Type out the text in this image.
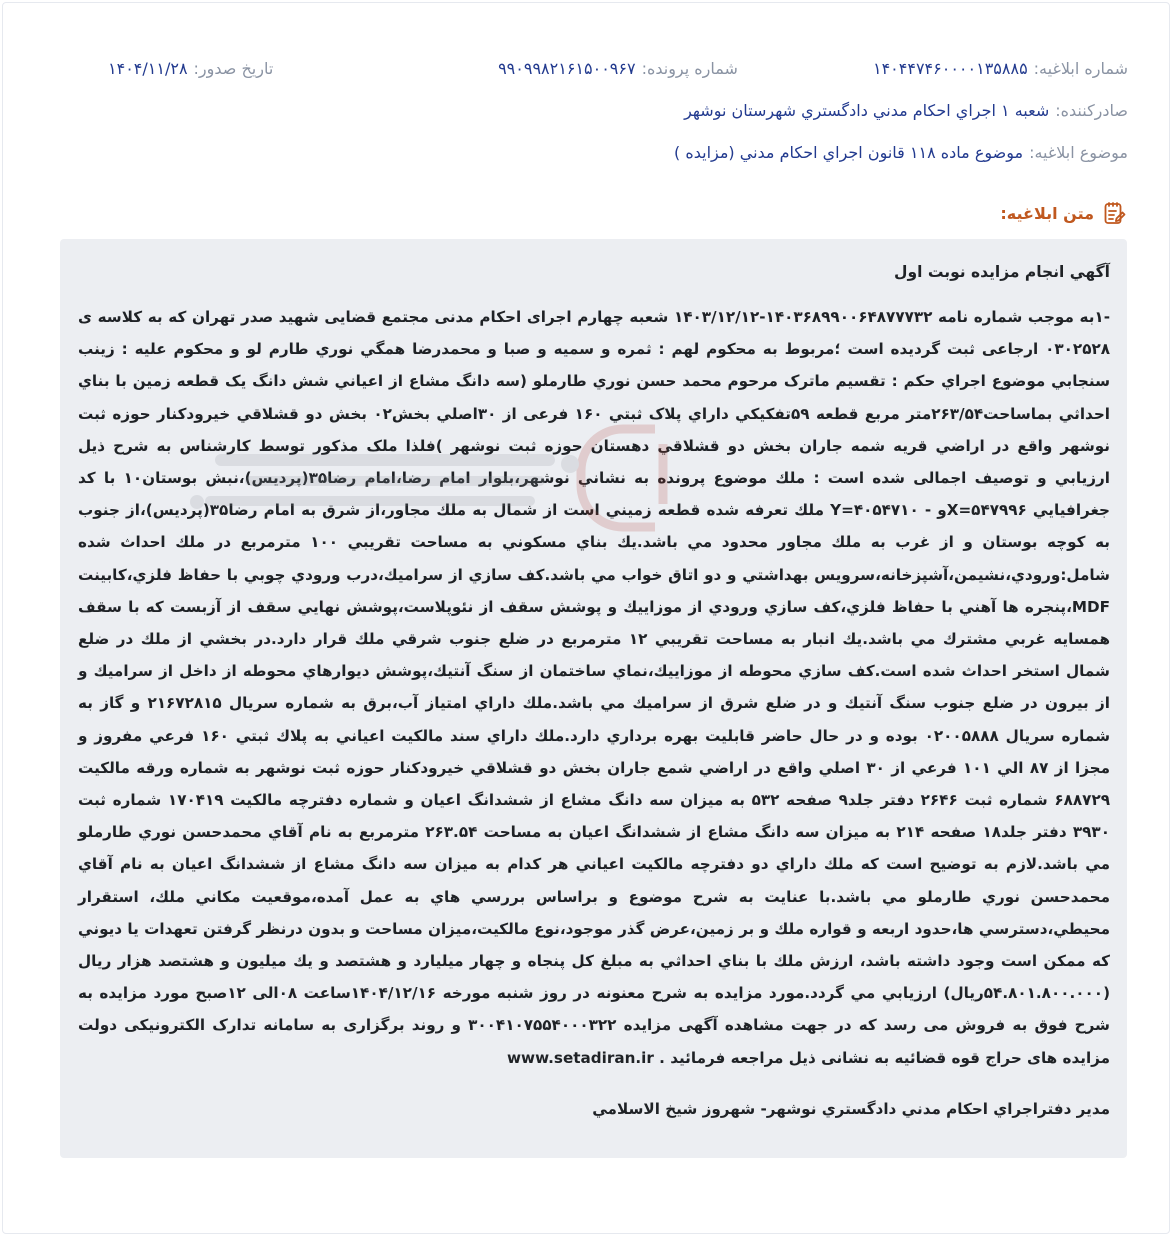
شماره ابلاغیه:
۱۴۰۴۴۷۴۶۰۰۰۰۱۳۵۸۸۵
شماره پرونده:
۹۹۰۹۹۸۲۱۶۱۵۰۰۹۶۷
تاریخ صدور:
۱۴۰۴/۱۱/۲۸
صادرکننده:
شعبه ۱ اجراي احكام مدني دادگستري شهرستان نوشهر
موضوع ابلاغیه:
موضوع ماده ۱۱۸ قانون اجراي احكام مدني (مزايده )
متن ابلاغیه:
آگهي انجام مزايده نوبت اول

-۱به موجب شماره نامه ۱۴۰۳۶۸۹۹۰۰۶۴۸۷۷۷۳۲-۱۴۰۳/۱۲/۱۲ شعبه چهارم اجرای احکام مدنی مجتمع قضايی شهيد صدر تهران که به کلاسه ی ۰۳۰۲۵۲۸ ارجاعی ثبت گرديده است ؛مربوط به محکوم لهم : ثمره و سميه و صبا و محمدرضا همگي نوري طارم لو و محکوم عليه : زينب سنجابي موضوع اجراي حکم : تقسيم ماترک مرحوم محمد حسن نوري طارملو (سه دانگ مشاع از اعياني شش دانگ يک قطعه زمين با بناي احداثي بماساحت۲۶۳/۵۴متر مربع قطعه ۵۹تفکيکي داراي پلاک ثبتي ۱۶۰ فرعی از ۳۰اصلي بخش۰۲ بخش دو قشلاقي خيرودکنار حوزه ثبت نوشهر واقع در اراضي قريه شمه جاران بخش دو قشلاقي دهستان حوزه ثبت نوشهر )فلذا ملک مذکور توسط کارشناس به شرح ذيل ارزيابي و توصيف اجمالی شده است : ملك موضوع پرونده به نشاني نوشهر،بلوار امام رضا،امام رضا۳۵(پرديس)،نبش بوستان۱۰ با كد جغرافيايي X=۵۴۷۹۹۶و - Y=۴۰۵۴۷۱۰ ملك تعرفه شده قطعه زميني است از شمال به ملك مجاور،از شرق به امام رضا۳۵(پرديس)،از جنوب به كوچه بوستان و از غرب به ملك مجاور محدود مي باشد.يك بناي مسكوني به مساحت تقريبي ۱۰۰ مترمربع در ملك احداث شده شامل:ورودي،نشيمن،آشپزخانه،سرويس بهداشتي و دو اتاق خواب مي باشد.كف سازي از سراميك،درب ورودي چوبي با حفاظ فلزي،كابينت MDF،پنجره ها آهني با حفاظ فلزي،كف سازي ورودي از موزاييك و پوشش سقف از نئوپلاست،پوشش نهايي سقف از آزبست كه با سقف همسايه غربي مشترك مي باشد.يك انبار به مساحت تقريبي ۱۲ مترمربع در ضلع جنوب شرقي ملك قرار دارد.در بخشي از ملك در ضلع شمال استخر احداث شده است.كف سازي محوطه از موزاييك،نماي ساختمان از سنگ آنتيك،پوشش ديوارهاي محوطه از داخل از سراميك و از بيرون در ضلع جنوب سنگ آنتيك و در ضلع شرق از سراميك مي باشد.ملك داراي امتياز آب،برق به شماره سريال ۲۱۶۷۲۸۱۵ و گاز به شماره سريال ۰۲۰۰۵۸۸۸ بوده و در حال حاضر قابليت بهره برداري دارد.ملك داراي سند مالكيت اعياني به پلاك ثبتي ۱۶۰ فرعي مفروز و مجزا از ۸۷ الي ۱۰۱ فرعي از ۳۰ اصلي واقع در اراضي شمع جاران بخش دو قشلاقي خيرودكنار حوزه ثبت نوشهر به شماره ورقه مالكيت ۶۸۸۷۲۹ شماره ثبت ۲۶۴۶ دفتر جلد۹ صفحه ۵۳۲ به ميزان سه دانگ مشاع از ششدانگ اعيان و شماره دفترچه مالكيت ۱۷۰۴۱۹ شماره ثبت ۳۹۳۰ دفتر جلد۱۸ صفحه ۲۱۴ به ميزان سه دانگ مشاع از ششدانگ اعيان به مساحت ۲۶۳.۵۴ مترمربع به نام آقاي محمدحسن نوري طارملو مي باشد.لازم به توضيح است كه ملك داراي دو دفترچه مالكيت اعياني هر كدام به ميزان سه دانگ مشاع از ششدانگ اعيان به نام آقاي محمدحسن نوري طارملو مي باشد.با عنايت به شرح موضوع و براساس بررسي هاي به عمل آمده،موقعيت مكاني ملك، استقرار محيطي،دسترسي ها،حدود اربعه و قواره ملك و بر زمين،عرض گذر موجود،نوع مالكيت،ميزان مساحت و بدون درنظر گرفتن تعهدات يا ديوني كه ممكن است وجود داشته باشد، ارزش ملك با بناي احداثي به مبلغ كل پنجاه و چهار ميليارد و هشتصد و يك ميليون و هشتصد هزار ريال (۵۴.۸۰۱.۸۰۰.۰۰۰ريال) ارزيابي مي گردد.مورد مزايده به شرح معنونه در روز شنبه مورخه ۱۴۰۴/۱۲/۱۶ساعت ۰۸الی ۱۲صبح مورد مزايده به شرح فوق به فروش می رسد که در جهت مشاهده آگهی مزايده ۳۰۰۴۱۰۷۵۵۴۰۰۰۳۲۲ و روند برگزاری به سامانه تدارک الکترونيکی دولت مزايده های حراج قوه قضائيه به نشانی ذيل مراجعه فرمائيد . www.setadiran.ir

مدير دفتراجراي احكام مدني دادگستري نوشهر- شهروز شيخ الاسلامي
